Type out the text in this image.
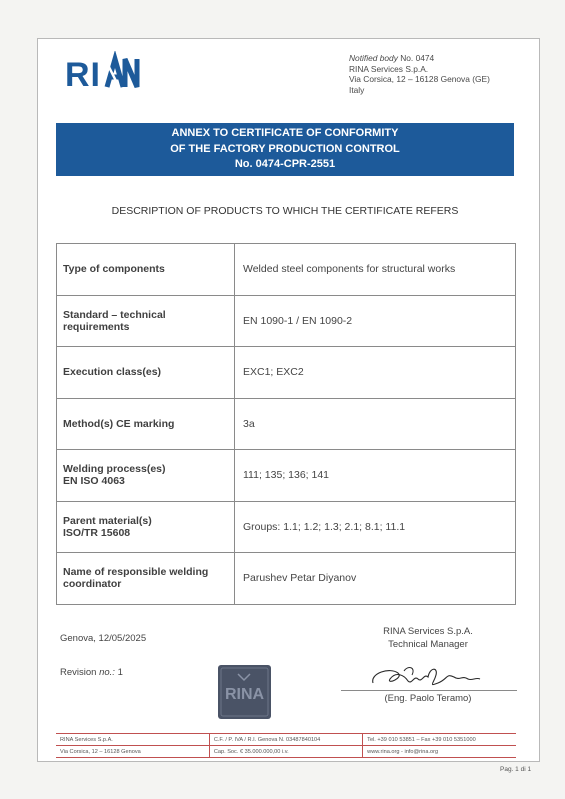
RI	Notified body No. 0474
RINA Services S.p.A.
Via Corsica, 12 – 16128 Genova (GE)
Italy
ANNEX TO CERTIFICATE OF CONFORMITY
OF THE FACTORY PRODUCTION CONTROL
No. 0474-CPR-2551
DESCRIPTION OF PRODUCTS TO WHICH THE CERTIFICATE REFERS
Type of components	Welded steel components for structural works
Standard – technical requirements	EN 1090-1 / EN 1090-2
Execution class(es)	EXC1; EXC2
Method(s) CE marking	3a

Welding process(es)
EN ISO 4063	111; 135; 136; 141

Parent material(s)
ISO/TR 15608	Groups: 1.1; 1.2; 1.3; 2.1; 8.1; 11.1
Name of responsible welding coordinator	Parushev Petar Diyanov
Genova, 12/05/2025
Revision no.: 1
RINA
RINA Services S.p.A.
Technical Manager
(Eng. Paolo Teramo)
RINA Services S.p.A.	C.F. / P. IVA / R.I. Genova N. 03487840104	Tel. +39 010 53851 – Fax +39 010 5351000
Via Corsica, 12 – 16128 Genova	Cap. Soc. € 35.000.000,00 i.v.	www.rina.org - info@rina.org
Pag. 1 di 1
